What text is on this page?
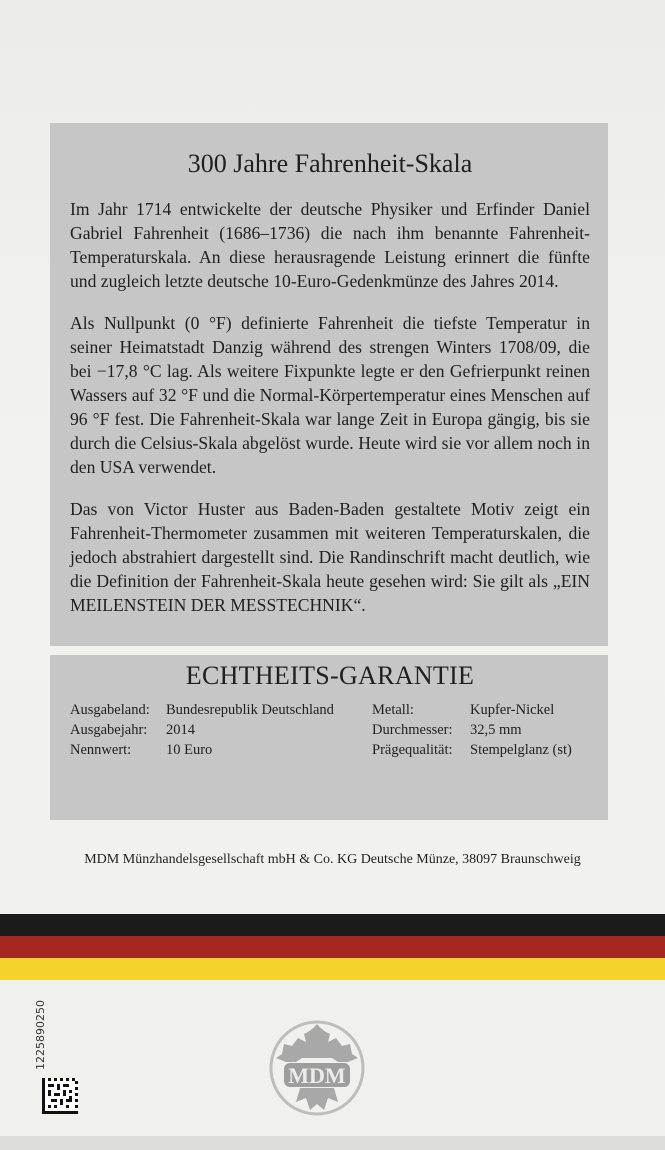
300 Jahre Fahrenheit-Skala

Im Jahr 1714 entwickelte der deutsche Physiker und Erfinder Daniel Gabriel Fahrenheit (1686–1736) die nach ihm benannte Fahrenheit-Temperaturskala. An diese herausragende Leistung erinnert die fünfte und zugleich letzte deutsche 10-Euro-Gedenkmünze des Jahres 2014.

Als Nullpunkt (0 °F) definierte Fahrenheit die tiefste Temperatur in seiner Heimatstadt Danzig während des strengen Winters 1708/09, die bei −17,8 °C lag. Als weitere Fixpunkte legte er den Gefrierpunkt reinen Wassers auf 32 °F und die Normal-Körpertemperatur eines Menschen auf 96 °F fest. Die Fahrenheit-Skala war lange Zeit in Europa gängig, bis sie durch die Celsius-Skala abgelöst wurde. Heute wird sie vor allem noch in den USA verwendet.

Das von Victor Huster aus Baden-Baden gestaltete Motiv zeigt ein Fahrenheit-Thermometer zusammen mit weiteren Temperaturskalen, die jedoch abstrahiert dargestellt sind. Die Randinschrift macht deutlich, wie die Definition der Fahrenheit-Skala heute gesehen wird: Sie gilt als „EIN MEILENSTEIN DER MESSTECHNIK“.

ECHTHEITS-GARANTIE
Ausgabeland:	Bundesrepublik Deutschland	Metall:	Kupfer-Nickel
Ausgabejahr:	2014	Durchmesser:	32,5 mm
Nennwert:	10 Euro	Prägequalität:	Stempelglanz (st)
MDM Münzhandelsgesellschaft mbH & Co. KG Deutsche Münze, 38097 Braunschweig
1225890250
MDM
